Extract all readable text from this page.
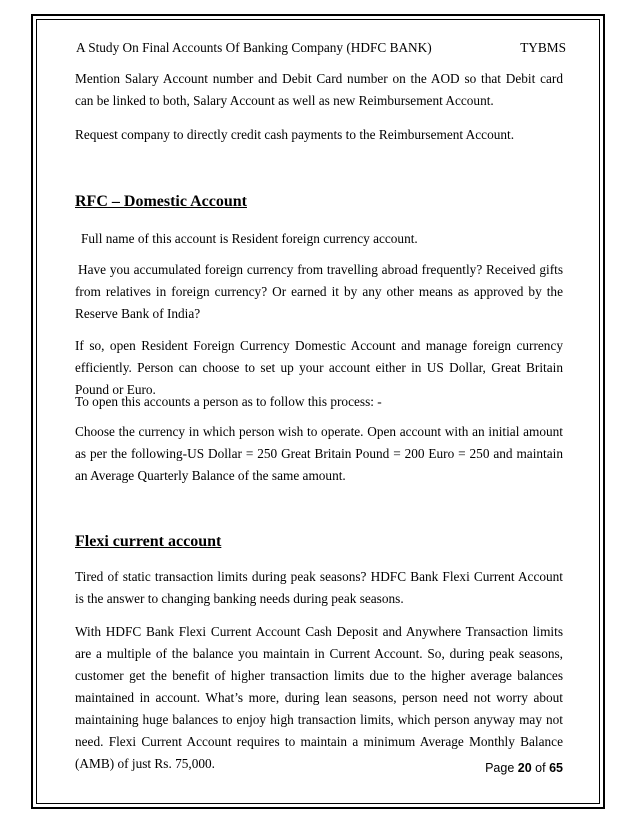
A Study On Final Accounts Of Banking Company (HDFC BANK)	TYBMS

Mention Salary Account number and Debit Card number on the AOD so that Debit card can be linked to both, Salary Account as well as new Reimbursement Account.

Request company to directly credit cash payments to the Reimbursement Account.

RFC – Domestic Account

Full name of this account is Resident foreign currency account.

Have you accumulated foreign currency from travelling abroad frequently? Received gifts from relatives in foreign currency? Or earned it by any other means as approved by the Reserve Bank of India?

If so, open Resident Foreign Currency Domestic Account and manage foreign currency efficiently. Person can choose to set up your account either in US Dollar, Great Britain Pound or Euro.

To open this accounts a person as to follow this process: -

Choose the currency in which person wish to operate. Open account with an initial amount as per the following-US Dollar = 250 Great Britain Pound = 200 Euro = 250 and maintain an Average Quarterly Balance of the same amount.

Flexi current account

Tired of static transaction limits during peak seasons? HDFC Bank Flexi Current Account is the answer to changing banking needs during peak seasons.

With HDFC Bank Flexi Current Account Cash Deposit and Anywhere Transaction limits are a multiple of the balance you maintain in Current Account. So, during peak seasons, customer get the benefit of higher transaction limits due to the higher average balances maintained in account. What’s more, during lean seasons, person need not worry about maintaining huge balances to enjoy high transaction limits, which person anyway may not need. Flexi Current Account requires to maintain a minimum Average Monthly Balance (AMB) of just Rs. 75,000.	Page 20 of 65
